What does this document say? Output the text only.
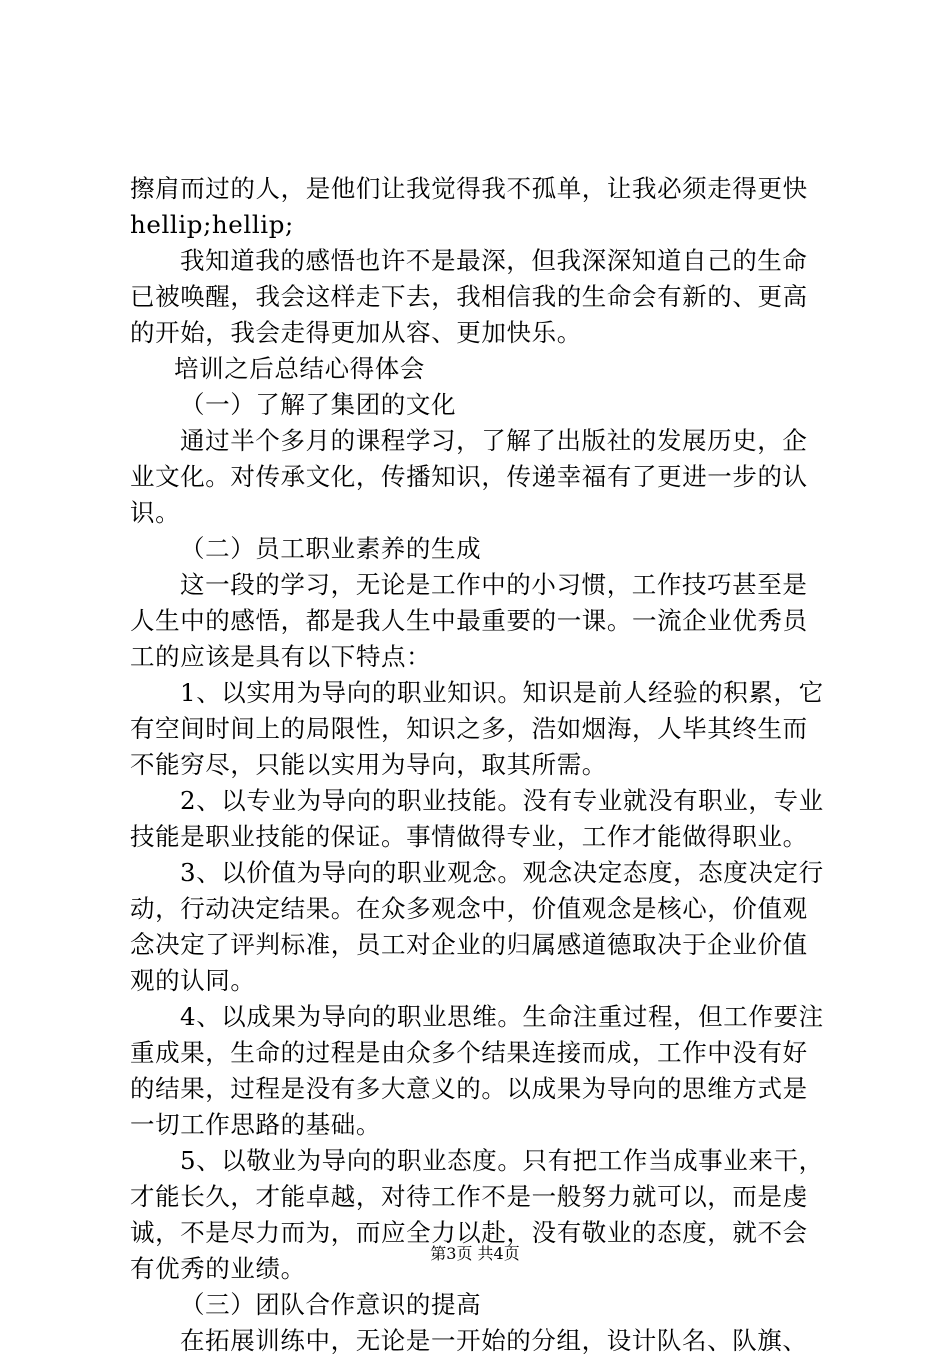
擦肩而过的人，是他们让我觉得我不孤单，让我必须走得更快
hellip;hellip;
我知道我的感悟也许不是最深，但我深深知道自己的生命
已被唤醒，我会这样走下去，我相信我的生命会有新的、更高
的开始，我会走得更加从容、更加快乐。
培训之后总结心得体会
（一）了解了集团的文化
通过半个多月的课程学习，了解了出版社的发展历史，企
业文化。对传承文化，传播知识，传递幸福有了更进一步的认
识。
（二）员工职业素养的生成
这一段的学习，无论是工作中的小习惯，工作技巧甚至是
人生中的感悟，都是我人生中最重要的一课。一流企业优秀员
工的应该是具有以下特点：
1、以实用为导向的职业知识。知识是前人经验的积累，它
有空间时间上的局限性，知识之多，浩如烟海，人毕其终生而
不能穷尽，只能以实用为导向，取其所需。
2、以专业为导向的职业技能。没有专业就没有职业，专业
技能是职业技能的保证。事情做得专业，工作才能做得职业。
3、以价值为导向的职业观念。观念决定态度，态度决定行
动，行动决定结果。在众多观念中，价值观念是核心，价值观
念决定了评判标准，员工对企业的归属感道德取决于企业价值
观的认同。
4、以成果为导向的职业思维。生命注重过程，但工作要注
重成果，生命的过程是由众多个结果连接而成，工作中没有好
的结果，过程是没有多大意义的。以成果为导向的思维方式是
一切工作思路的基础。
5、以敬业为导向的职业态度。只有把工作当成事业来干，
才能长久，才能卓越，对待工作不是一般努力就可以，而是虔
诚，不是尽力而为，而应全力以赴，没有敬业的态度，就不会
有优秀的业绩。
（三）团队合作意识的提高
在拓展训练中，无论是一开始的分组，设计队名、队旗、
第3页 共4页
